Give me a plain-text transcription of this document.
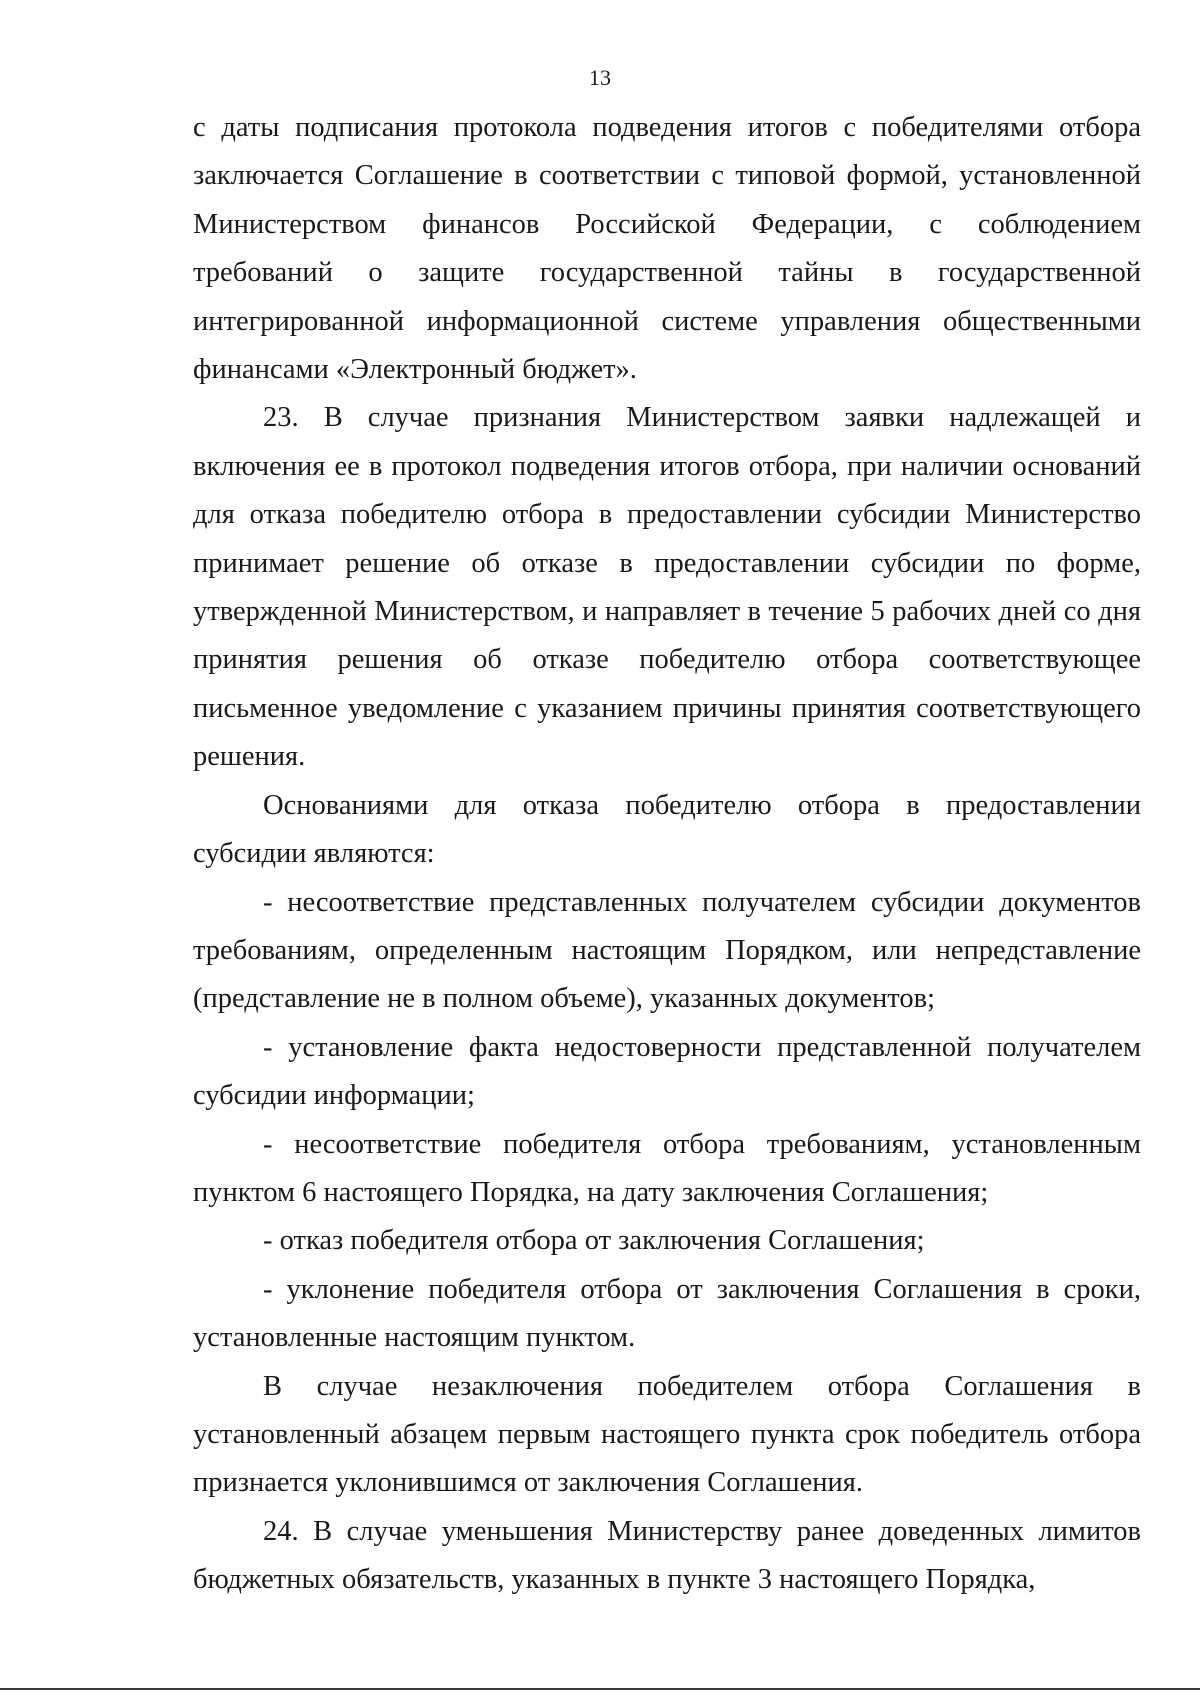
13

с даты подписания протокола подведения итогов с победителями отбора заключается Соглашение в соответствии с типовой формой, установленной Министерством финансов Российской Федерации, с соблюдением требований о защите государственной тайны в государственной интегрированной информационной системе управления общественными финансами «Электронный бюджет».

23. В случае признания Министерством заявки надлежащей и включения ее в протокол подведения итогов отбора, при наличии оснований для отказа победителю отбора в предоставлении субсидии Министерство принимает решение об отказе в предоставлении субсидии по форме, утвержденной Министерством, и направляет в течение 5 рабочих дней со дня принятия решения об отказе победителю отбора соответствующее письменное уведомление с указанием причины принятия соответствующего решения.

Основаниями для отказа победителю отбора в предоставлении субсидии являются:

- несоответствие представленных получателем субсидии документов требованиям, определенным настоящим Порядком, или непредставление (представление не в полном объеме), указанных документов;

- установление факта недостоверности представленной получателем субсидии информации;

- несоответствие победителя отбора требованиям, установленным пунктом 6 настоящего Порядка, на дату заключения Соглашения;

- отказ победителя отбора от заключения Соглашения;

- уклонение победителя отбора от заключения Соглашения в сроки, установленные настоящим пунктом.

В случае незаключения победителем отбора Соглашения в установленный абзацем первым настоящего пункта срок победитель отбора признается уклонившимся от заключения Соглашения.

24. В случае уменьшения Министерству ранее доведенных лимитов бюджетных обязательств, указанных в пункте 3 настоящего Порядка,
